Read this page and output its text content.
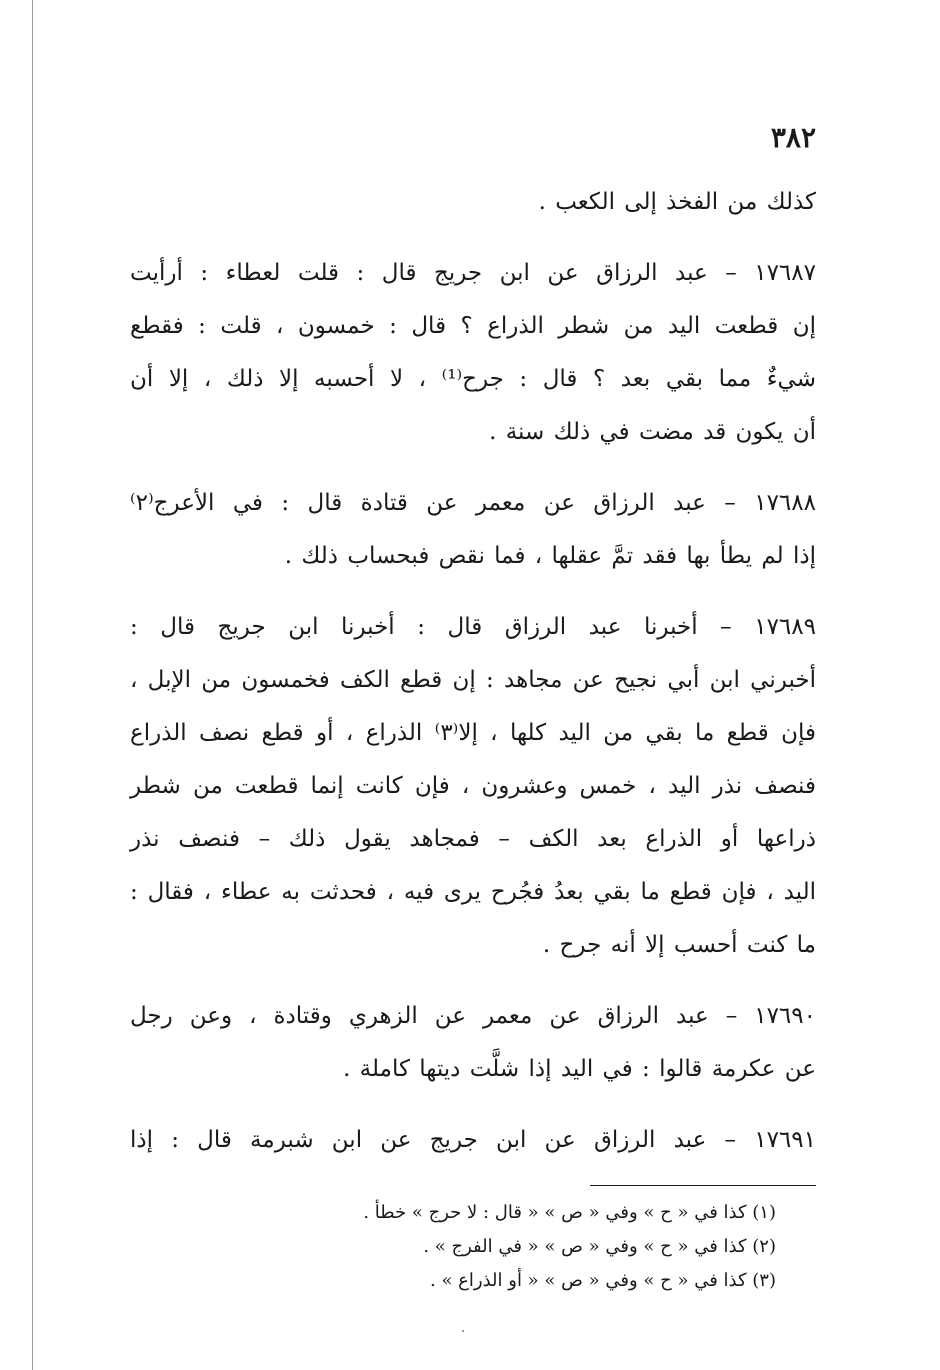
٣٨٢
كذلك من الفخذ إلى الكعب .
١٧٦٨٧ – عبد الرزاق عن ابن جريج قال : قلت لعطاء : أرأيت
إن قطعت اليد من شطر الذراع ؟ قال : خمسون ، قلت : فقطع
شيءٌ مما بقي بعد ؟ قال : جرح⁽¹⁾ ، لا أحسبه إلا ذلك ، إلا أن
أن يكون قد مضت في ذلك سنة .
١٧٦٨٨ – عبد الرزاق عن معمر عن قتادة قال : في الأعرج⁽٢⁾
إذا لم يطأ بها فقد تمَّ عقلها ، فما نقص فبحساب ذلك .
١٧٦٨٩ – أخبرنا عبد الرزاق قال : أخبرنا ابن جريج قال :
أخبرني ابن أبي نجيح عن مجاهد : إن قطع الكف فخمسون من الإبل ،
فإن قطع ما بقي من اليد كلها ، إلا⁽٣⁾ الذراع ، أو قطع نصف الذراع
فنصف نذر اليد ، خمس وعشرون ، فإن كانت إنما قطعت من شطر
ذراعها أو الذراع بعد الكف – فمجاهد يقول ذلك – فنصف نذر
اليد ، فإن قطع ما بقي بعدُ فجُرح يرى فيه ، فحدثت به عطاء ، فقال :
ما كنت أحسب إلا أنه جرح .
١٧٦٩٠ – عبد الرزاق عن معمر عن الزهري وقتادة ، وعن رجل
عن عكرمة قالوا : في اليد إذا شلَّت ديتها كاملة .
١٧٦٩١ – عبد الرزاق عن ابن جريج عن ابن شبرمة قال : إذا
(١) كذا في « ح » وفي « ص » « قال : لا حرج » خطأ .
(٢) كذا في « ح » وفي « ص » « في الفرج » .
(٣) كذا في « ح » وفي « ص » « أو الذراع » .
